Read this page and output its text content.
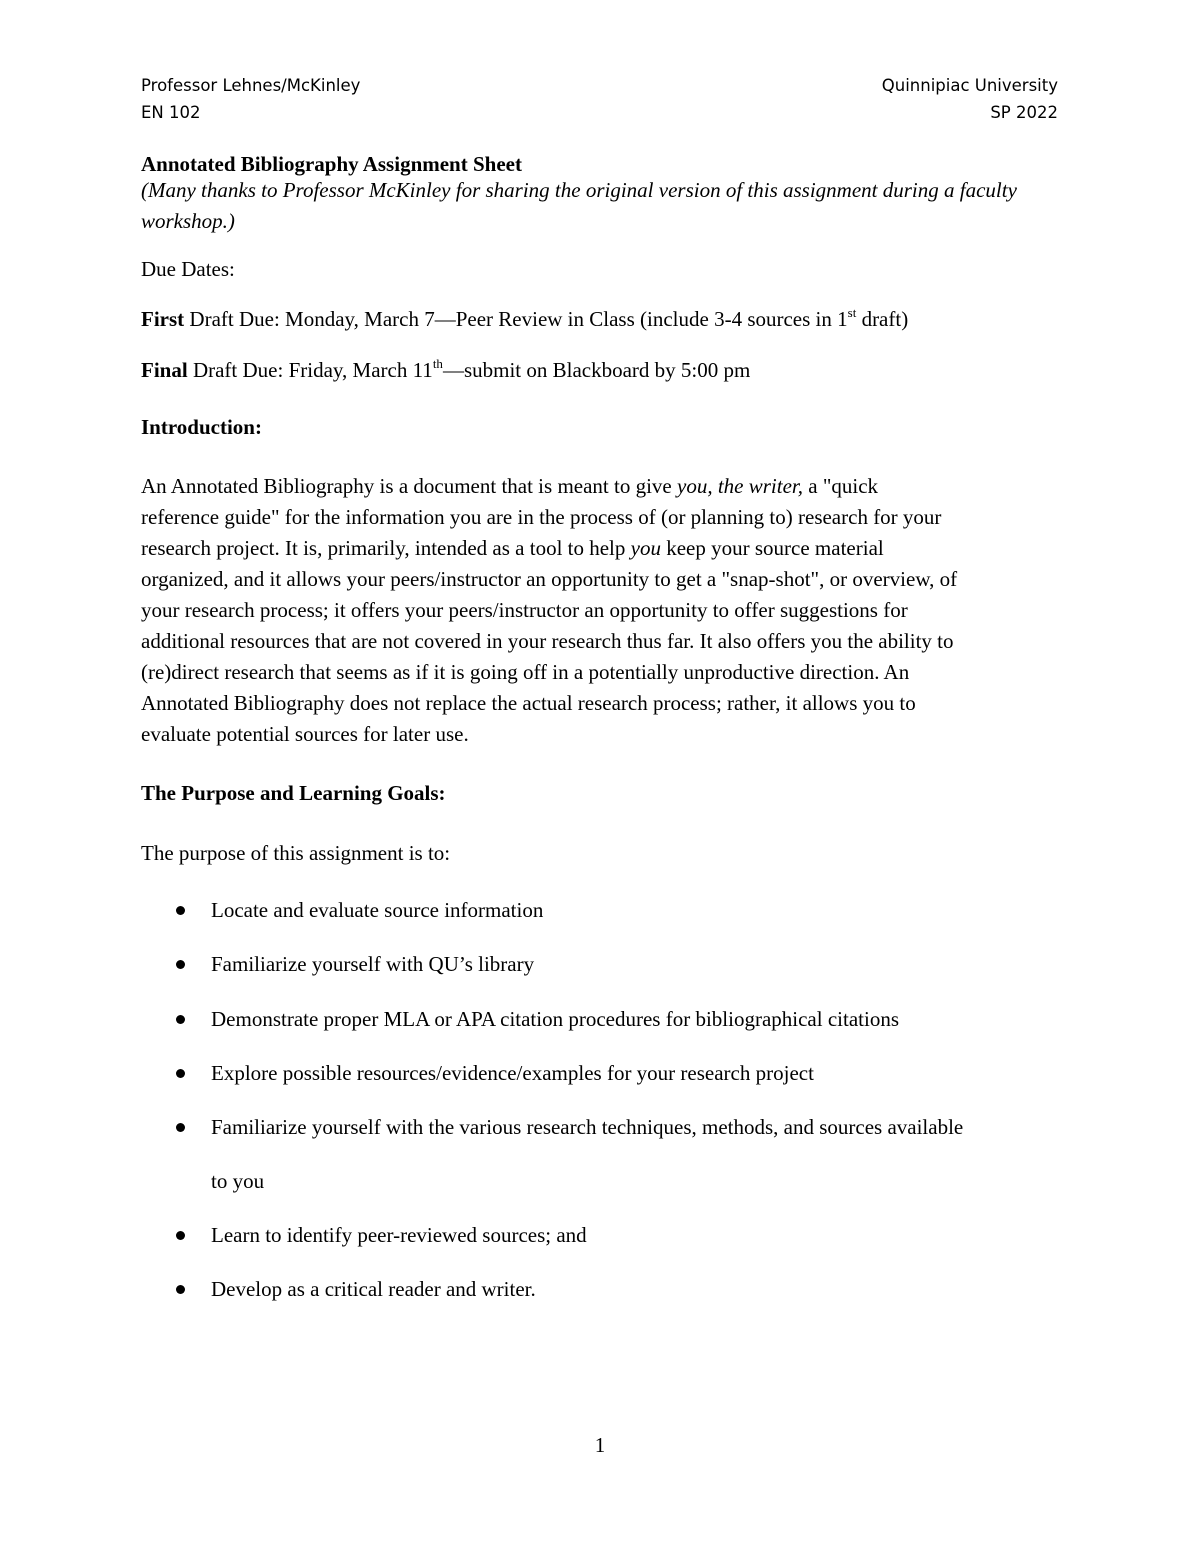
Professor Lehnes/McKinley
EN 102
Quinnipiac University
SP 2022
Annotated Bibliography Assignment Sheet
(Many thanks to Professor McKinley for sharing the original version of this assignment during a faculty
workshop.)
Due Dates:
First Draft Due: Monday, March 7—Peer Review in Class (include 3-4 sources in 1st draft)
Final Draft Due: Friday, March 11th—submit on Blackboard by 5:00 pm
Introduction:
An Annotated Bibliography is a document that is meant to give you, the writer, a "quick
reference guide" for the information you are in the process of (or planning to) research for your
research project. It is, primarily, intended as a tool to help you keep your source material
organized, and it allows your peers/instructor an opportunity to get a "snap-shot", or overview, of
your research process; it offers your peers/instructor an opportunity to offer suggestions for
additional resources that are not covered in your research thus far. It also offers you the ability to
(re)direct research that seems as if it is going off in a potentially unproductive direction. An
Annotated Bibliography does not replace the actual research process; rather, it allows you to
evaluate potential sources for later use.
The Purpose and Learning Goals:
The purpose of this assignment is to:
Locate and evaluate source information
Familiarize yourself with QU’s library
Demonstrate proper MLA or APA citation procedures for bibliographical citations
Explore possible resources/evidence/examples for your research project
Familiarize yourself with the various research techniques, methods, and sources available
to you
Learn to identify peer-reviewed sources; and
Develop as a critical reader and writer.
1
